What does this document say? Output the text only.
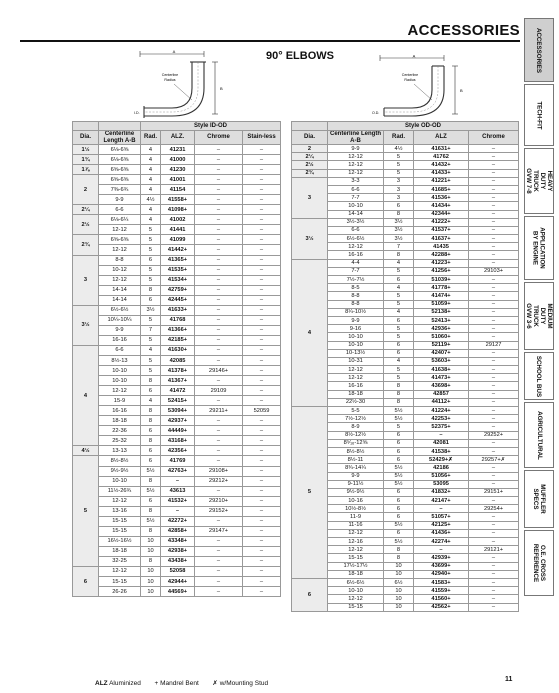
ACCESSORIES
90° ELBOWS
A
B
Centerline
Radius
I.D.
A
B
Centerline
Radius
O.D.
		Style ID-OD			
Dia.	Centerline Length A-B	Rad.	ALZ.	Chrome	Stain-less
1½	6⅛-6⅝	4	41231	–	–
1¾	6⅛-6⅝	4	41000	–	–
1⅞	6⅝-6⅝	4	41230	–	–
2	6⅝-6⅝	4	41001	–	–
	7⅜-6¾	4	41154	–	–
	9-9	4½	41558+	–	–
2¼	6-6	4	41098+	–	–
2½	6⅛-6¼	4	41002	–	–
	12-12	5	41441	–	–
2¾	6⅝-6⅝	5	41099	–	–
	12-12	5	41442+	–	–
3	8-8	6	41365+	–	–
	10-12	5	41535+	–	–
	12-12	5	41534+	–	–
	14-14	8	42759+	–	–
	14-14	6	42445+	–	–
3½	6½-6½	3½	41633+	–	–
	10¼-10¼	5	41768	–	–
	9-9	7	41366+	–	–
	16-16	5	42185+	–	–
4	6-6	4	41630+	–	–
	8½-13	5	42085	–	–
	10-10	5	41378+	29146+	–
	10-10	8	41367+	–	–
	12-12	6	41472	29109	–
	15-9	4	52415+	–	–
	16-16	8	53094+	29211+	52059
	18-18	8	42937+	–	–
	22-36	6	44449+	–	–
	25-32	8	43168+	–	–
4½	13-13	6	42356+	–	–
5	8½-8½	6	41769	–	–
	9½-9½	5½	42763+	29108+	–
	10-10	8	–	29212+	–
	11½-26¾	5½	43613	–	–
	12-12	6	41532+	29210+	–
	13-16	8	–	29152+	–
	15-15	5½	42272+	–	–
	15-15	8	42858+	29147+	–
	16½-16½	10	43348+	–	–
	18-18	10	42938+	–	–
	32-25	8	43438+	–	–
6	12-12	10	52058	–	–
	15-15	10	42944+	–	–
	26-26	10	44569+	–	–
	Style OD-OD			
Dia.	Centerline Length A-B	Rad.	ALZ	Chrome
2	9-9	4½	41631+	–
2¼	12-12	5	41762	–
2½	12-12	5	41432+	–
2¾	12-12	5	41433+	–
3	3-3	3	41221+	–
	6-6	3	41685+	–
	7-7	3	41536+	–
	10-10	6	41434+	–
	14-14	8	42344+	–
3½	3½-3½	3½	41222+	–
	6-6	3½	41537+	–
	6½-6½	3½	41637+	–
	12-12	7	41435	–
	16-16	8	42288+	–
4	4-4	4	41223+	–
	7-7	5	41256+	29103+
	7½-7½	6	51039+	–
	8-5	4	41778+	–
	8-8	5	41474+	–
	8-8	5	51059+	–
	8¼-10½	4	52138+	–
	9-9	6	52413+	–
	9-16	5	42936+	–
	10-10	5	51060+	–
	10-10	6	52119+	29127
	10-13½	6	42407+	–
	10-31	4	53603+	–
	12-12	5	41638+	–
	12-12	5	41473+	–
	16-16	8	43698+	–
	18-18	8	42857	–
	22½-30	8	44112+	–
5	5-5	5½	41224+	–
	7½-12½	5½	42253+	–
	8-9	5	52375+	–
	8½-12½	6	–	29252+
	8⁵⁄₁₆-12⅝	6	42081	–
	8½-8½	6	41538+	–
	8½-11	6	52429+✗	29257+✗
	8¾-14¼	5½	42186	–
	9-9	5½	51056+	–
	9-11½	5½	53095	–
	9½-9½	6	41832+	29151+
	10-16	6	42147+	–
	10½-8½	6	–	29254+
	11-9	6	51057+	–
	11-16	5½	42125+	–
	12-12	6	41436+	–
	12-16	5½	42274+	–
	12-12	8	–	29121+
	15-15	8	42939+	–
	17½-17½	10	43699+	–
	18-18	10	42940+	–
6	6½-6½	6½	41583+	–
	10-10	10	41559+	–
	12-12	10	41560+	–
	15-15	10	42562+	–
ACCESSORIES
TECH-FIT
HEAVY DUTY TRUCK GVW 7-8
APPLICATION BY ENGINE
MEDIUM DUTY TRUCK GVW 3-6
SCHOOL BUS
AGRICULTURAL
MUFFLER SPECS
O.E. CROSS REFERENCE
ALZ Aluminized + Mandrel Bent ✗ w/Mounting Stud
11
